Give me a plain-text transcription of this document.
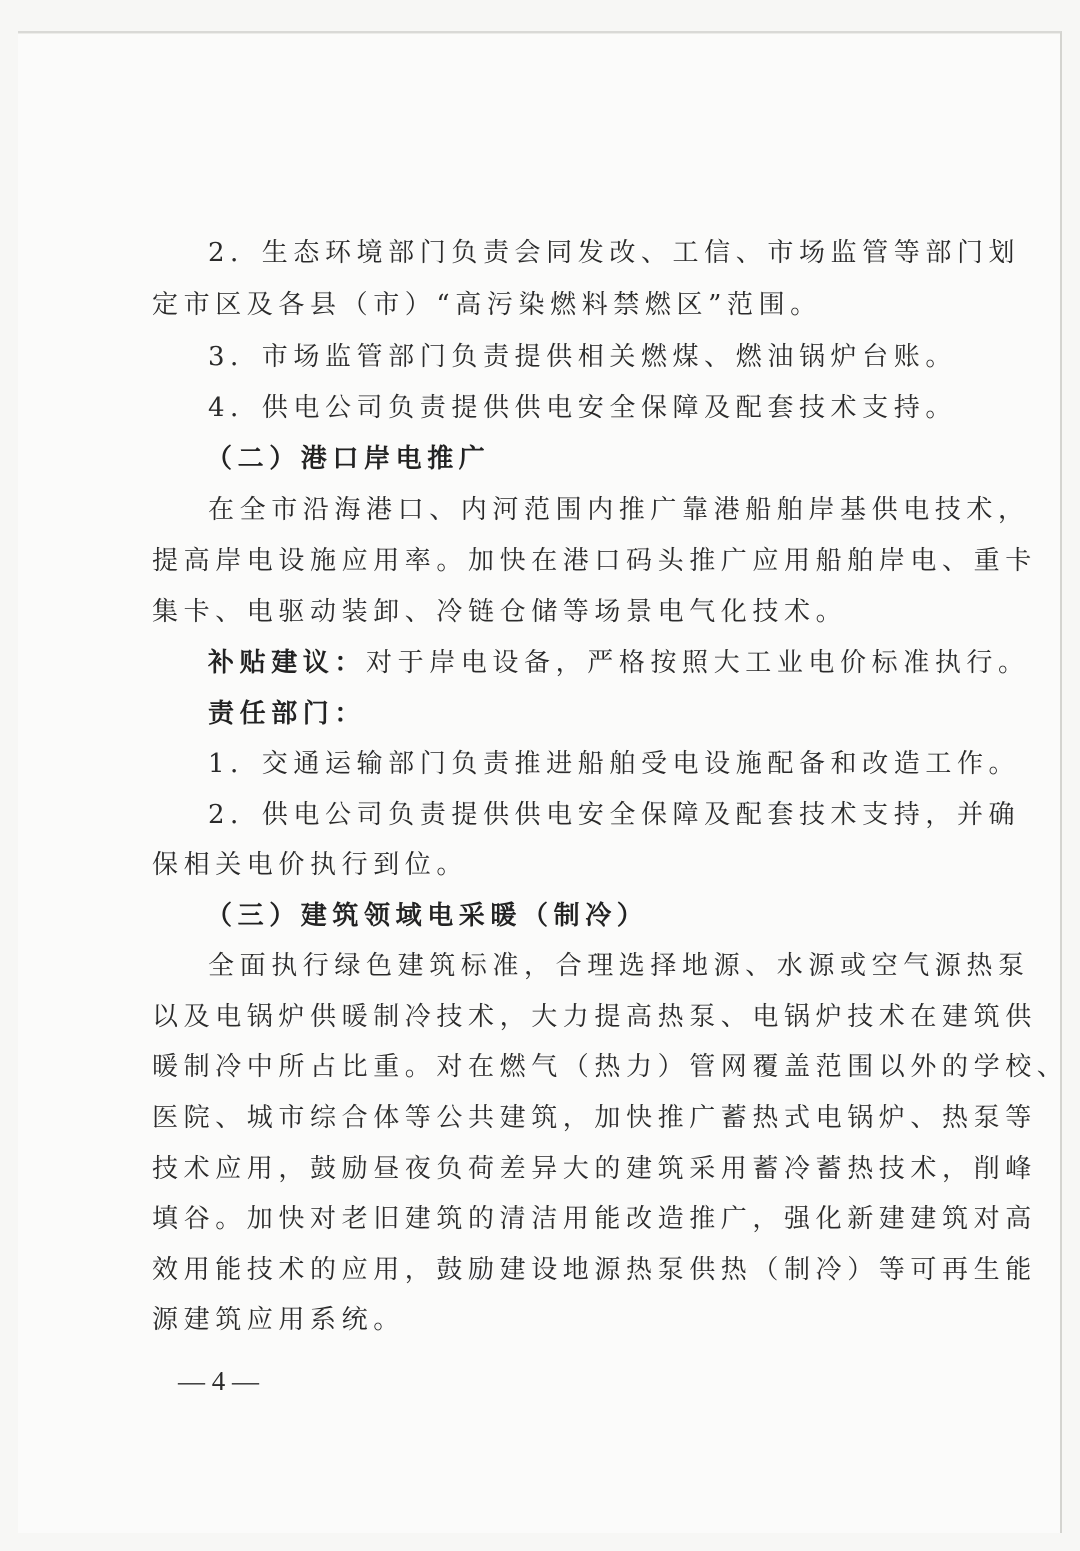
2．生态环境部门负责会同发改、工信、市场监管等部门划

定市区及各县（市）“高污染燃料禁燃区”范围。

3．市场监管部门负责提供相关燃煤、燃油锅炉台账。

4．供电公司负责提供供电安全保障及配套技术支持。

（二）港口岸电推广

在全市沿海港口、内河范围内推广靠港船舶岸基供电技术，

提高岸电设施应用率。加快在港口码头推广应用船舶岸电、重卡

集卡、电驱动装卸、冷链仓储等场景电气化技术。

补贴建议：对于岸电设备，严格按照大工业电价标准执行。

责任部门：

1．交通运输部门负责推进船舶受电设施配备和改造工作。

2．供电公司负责提供供电安全保障及配套技术支持，并确

保相关电价执行到位。

（三）建筑领域电采暖（制冷）

全面执行绿色建筑标准，合理选择地源、水源或空气源热泵

以及电锅炉供暖制冷技术，大力提高热泵、电锅炉技术在建筑供

暖制冷中所占比重。对在燃气（热力）管网覆盖范围以外的学校、

医院、城市综合体等公共建筑，加快推广蓄热式电锅炉、热泵等

技术应用，鼓励昼夜负荷差异大的建筑采用蓄冷蓄热技术，削峰

填谷。加快对老旧建筑的清洁用能改造推广，强化新建建筑对高

效用能技术的应用，鼓励建设地源热泵供热（制冷）等可再生能

源建筑应用系统。

— 4 —
